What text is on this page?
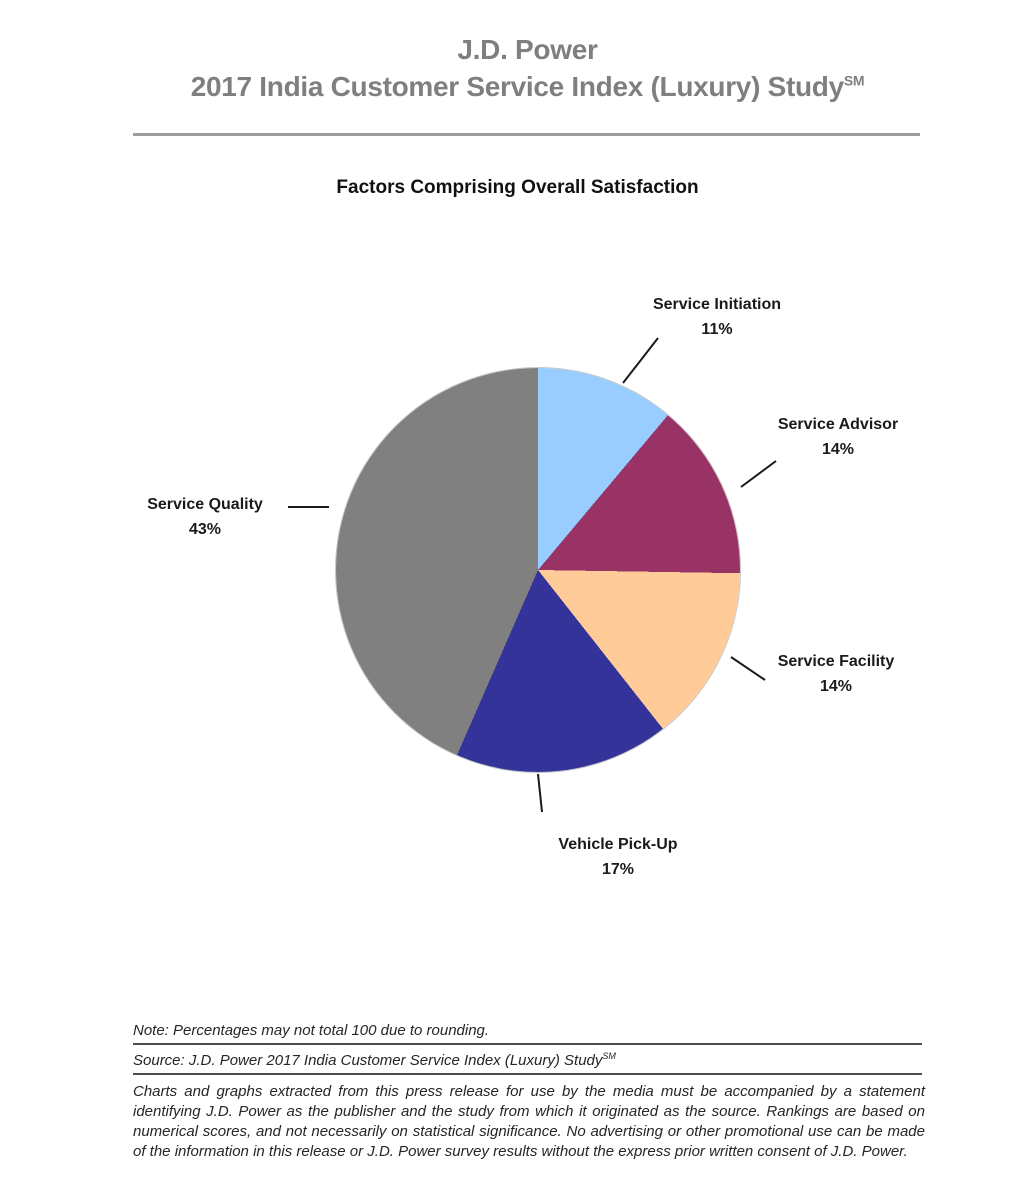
J.D. Power
2017 India Customer Service Index (Luxury) Study℠
Factors Comprising Overall Satisfaction
Service Initiation
11%
Service Advisor
14%
Service Facility
14%
Vehicle Pick-Up
17%
Service Quality
43%
Note: Percentages may not total 100 due to rounding.
Source: J.D. Power 2017 India Customer Service Index (Luxury) Study℠
Charts and graphs extracted from this press release for use by the media must be accompanied by a statement identifying J.D. Power as the publisher and the study from which it originated as the source. Rankings are based on numerical scores, and not necessarily on statistical significance. No advertising or other promotional use can be made of the information in this release or J.D. Power survey results without the express prior written consent of J.D. Power.
